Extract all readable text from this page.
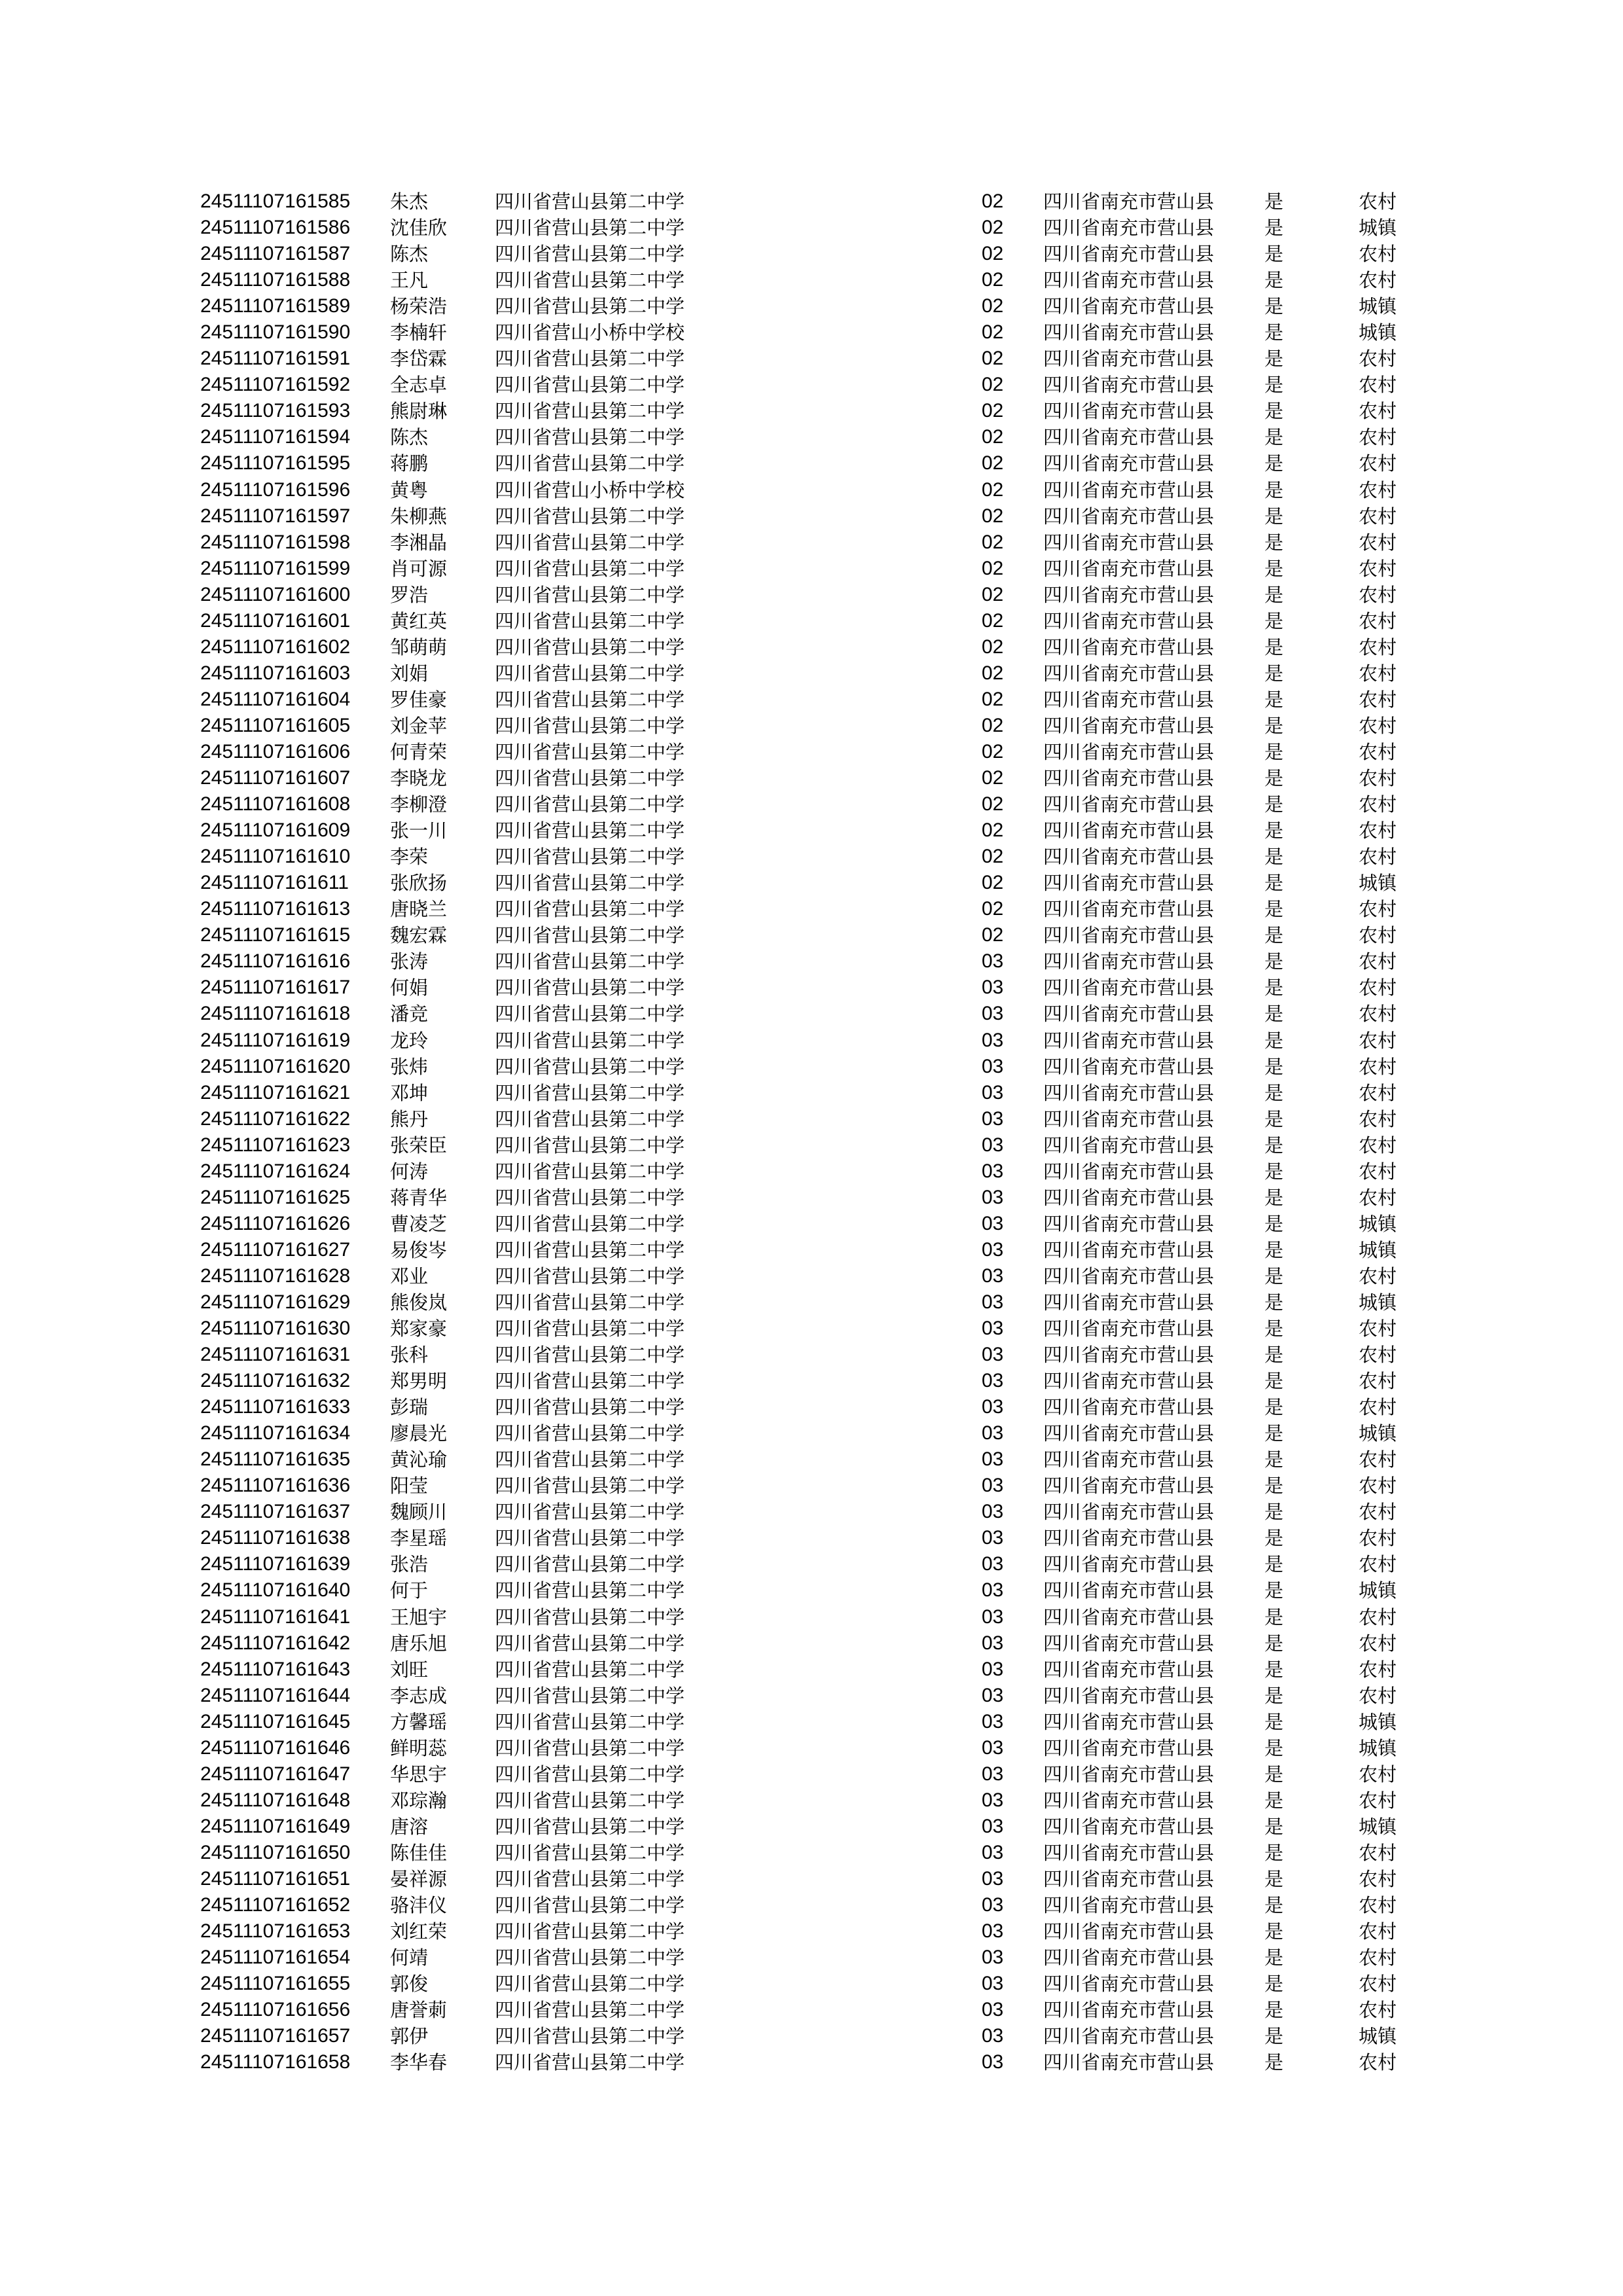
24511107161585 朱杰	四川省营山县第二中学	02 四川省南充市营山县	是	农村
24511107161586 沈佳欣	四川省营山县第二中学	02 四川省南充市营山县	是	城镇
24511107161587 陈杰	四川省营山县第二中学	02 四川省南充市营山县	是	农村
24511107161588 王凡	四川省营山县第二中学	02 四川省南充市营山县	是	农村
24511107161589 杨荣浩	四川省营山县第二中学	02 四川省南充市营山县	是	城镇
24511107161590 李楠轩	四川省营山小桥中学校	02 四川省南充市营山县	是	城镇
24511107161591 李岱霖	四川省营山县第二中学	02 四川省南充市营山县	是	农村
24511107161592 全志卓	四川省营山县第二中学	02 四川省南充市营山县	是	农村
24511107161593 熊尉琳	四川省营山县第二中学	02 四川省南充市营山县	是	农村
24511107161594 陈杰	四川省营山县第二中学	02 四川省南充市营山县	是	农村
24511107161595 蒋鹏	四川省营山县第二中学	02 四川省南充市营山县	是	农村
24511107161596 黄粤	四川省营山小桥中学校	02 四川省南充市营山县	是	农村
24511107161597 朱柳燕	四川省营山县第二中学	02 四川省南充市营山县	是	农村
24511107161598 李湘晶	四川省营山县第二中学	02 四川省南充市营山县	是	农村
24511107161599 肖可源	四川省营山县第二中学	02 四川省南充市营山县	是	农村
24511107161600 罗浩	四川省营山县第二中学	02 四川省南充市营山县	是	农村
24511107161601 黄红英	四川省营山县第二中学	02 四川省南充市营山县	是	农村
24511107161602 邹萌萌	四川省营山县第二中学	02 四川省南充市营山县	是	农村
24511107161603 刘娟	四川省营山县第二中学	02 四川省南充市营山县	是	农村
24511107161604 罗佳豪	四川省营山县第二中学	02 四川省南充市营山县	是	农村
24511107161605 刘金苹	四川省营山县第二中学	02 四川省南充市营山县	是	农村
24511107161606 何青荣	四川省营山县第二中学	02 四川省南充市营山县	是	农村
24511107161607 李晓龙	四川省营山县第二中学	02 四川省南充市营山县	是	农村
24511107161608 李柳澄	四川省营山县第二中学	02 四川省南充市营山县	是	农村
24511107161609 张一川	四川省营山县第二中学	02 四川省南充市营山县	是	农村
24511107161610 李荣	四川省营山县第二中学	02 四川省南充市营山县	是	农村
24511107161611 张欣扬	四川省营山县第二中学	02 四川省南充市营山县	是	城镇
24511107161613 唐晓兰	四川省营山县第二中学	02 四川省南充市营山县	是	农村
24511107161615 魏宏霖	四川省营山县第二中学	02 四川省南充市营山县	是	农村
24511107161616 张涛	四川省营山县第二中学	03 四川省南充市营山县	是	农村
24511107161617 何娟	四川省营山县第二中学	03 四川省南充市营山县	是	农村
24511107161618 潘竞	四川省营山县第二中学	03 四川省南充市营山县	是	农村
24511107161619 龙玲	四川省营山县第二中学	03 四川省南充市营山县	是	农村
24511107161620 张炜	四川省营山县第二中学	03 四川省南充市营山县	是	农村
24511107161621 邓坤	四川省营山县第二中学	03 四川省南充市营山县	是	农村
24511107161622 熊丹	四川省营山县第二中学	03 四川省南充市营山县	是	农村
24511107161623 张荣臣	四川省营山县第二中学	03 四川省南充市营山县	是	农村
24511107161624 何涛	四川省营山县第二中学	03 四川省南充市营山县	是	农村
24511107161625 蒋青华	四川省营山县第二中学	03 四川省南充市营山县	是	农村
24511107161626 曹凌芝	四川省营山县第二中学	03 四川省南充市营山县	是	城镇
24511107161627 易俊岑	四川省营山县第二中学	03 四川省南充市营山县	是	城镇
24511107161628 邓业	四川省营山县第二中学	03 四川省南充市营山县	是	农村
24511107161629 熊俊岚	四川省营山县第二中学	03 四川省南充市营山县	是	城镇
24511107161630 郑家豪	四川省营山县第二中学	03 四川省南充市营山县	是	农村
24511107161631 张科	四川省营山县第二中学	03 四川省南充市营山县	是	农村
24511107161632 郑男明	四川省营山县第二中学	03 四川省南充市营山县	是	农村
24511107161633 彭瑞	四川省营山县第二中学	03 四川省南充市营山县	是	农村
24511107161634 廖晨光	四川省营山县第二中学	03 四川省南充市营山县	是	城镇
24511107161635 黄沁瑜	四川省营山县第二中学	03 四川省南充市营山县	是	农村
24511107161636 阳莹	四川省营山县第二中学	03 四川省南充市营山县	是	农村
24511107161637 魏顾川	四川省营山县第二中学	03 四川省南充市营山县	是	农村
24511107161638 李星瑶	四川省营山县第二中学	03 四川省南充市营山县	是	农村
24511107161639 张浩	四川省营山县第二中学	03 四川省南充市营山县	是	农村
24511107161640 何于	四川省营山县第二中学	03 四川省南充市营山县	是	城镇
24511107161641 王旭宇	四川省营山县第二中学	03 四川省南充市营山县	是	农村
24511107161642 唐乐旭	四川省营山县第二中学	03 四川省南充市营山县	是	农村
24511107161643 刘旺	四川省营山县第二中学	03 四川省南充市营山县	是	农村
24511107161644 李志成	四川省营山县第二中学	03 四川省南充市营山县	是	农村
24511107161645 方馨瑶	四川省营山县第二中学	03 四川省南充市营山县	是	城镇
24511107161646 鲜明蕊	四川省营山县第二中学	03 四川省南充市营山县	是	城镇
24511107161647 华思宇	四川省营山县第二中学	03 四川省南充市营山县	是	农村
24511107161648 邓琮瀚	四川省营山县第二中学	03 四川省南充市营山县	是	农村
24511107161649 唐溶	四川省营山县第二中学	03 四川省南充市营山县	是	城镇
24511107161650 陈佳佳	四川省营山县第二中学	03 四川省南充市营山县	是	农村
24511107161651 晏祥源	四川省营山县第二中学	03 四川省南充市营山县	是	农村
24511107161652 骆沣仪	四川省营山县第二中学	03 四川省南充市营山县	是	农村
24511107161653 刘红荣	四川省营山县第二中学	03 四川省南充市营山县	是	农村
24511107161654 何靖	四川省营山县第二中学	03 四川省南充市营山县	是	农村
24511107161655 郭俊	四川省营山县第二中学	03 四川省南充市营山县	是	农村
24511107161656 唐誉莿	四川省营山县第二中学	03 四川省南充市营山县	是	农村
24511107161657 郭伊	四川省营山县第二中学	03 四川省南充市营山县	是	城镇
24511107161658 李华春	四川省营山县第二中学	03 四川省南充市营山县	是	农村
